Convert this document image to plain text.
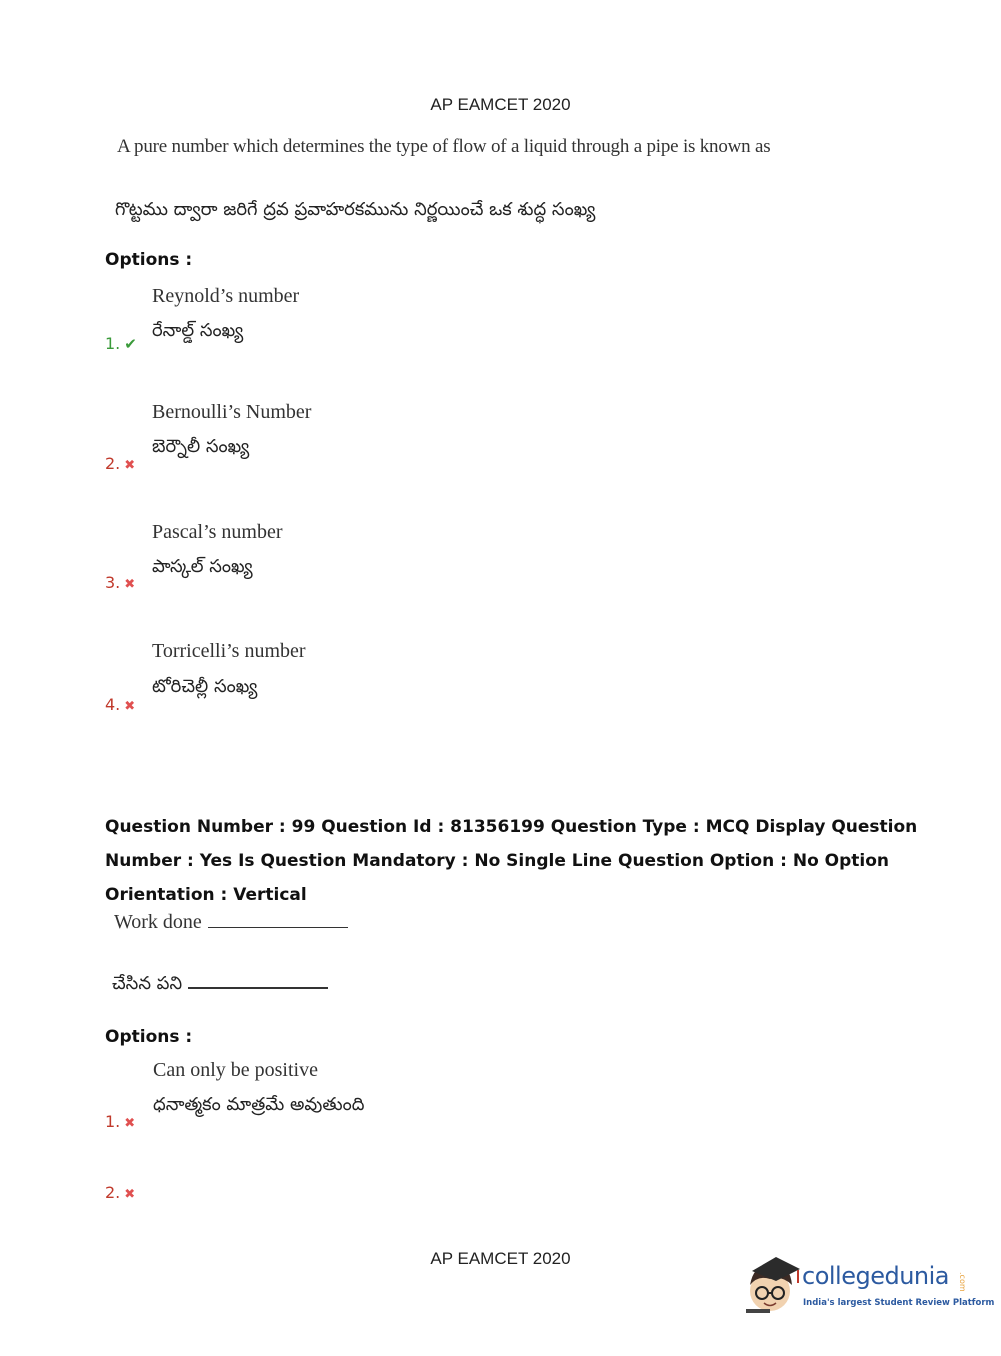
AP EAMCET 2020
A pure number which determines the type of flow of a liquid through a pipe is known as
గొట్టము ద్వారా జరిగే ద్రవ ప్రవాహరకమును నిర్ణయించే ఒక శుద్ధ సంఖ్య
Options :
Reynold’s number
రేనాల్డ్ సంఖ్య
1. ✔
Bernoulli’s Number
బెర్నౌలీ సంఖ్య
2. ✖
Pascal’s number
పాస్కల్ సంఖ్య
3. ✖
Torricelli’s number
టోరిచెల్లీ సంఖ్య
4. ✖
Question Number : 99 Question Id : 81356199 Question Type : MCQ Display Question Number : Yes Is Question Mandatory : No Single Line Question Option : No Option Orientation : Vertical
Work done
చేసిన పని
Options :
Can only be positive
ధనాత్మకం మాత్రమే అవుతుంది
1. ✖
2. ✖
AP EAMCET 2020
collegedunia .com
India's largest Student Review Platform
